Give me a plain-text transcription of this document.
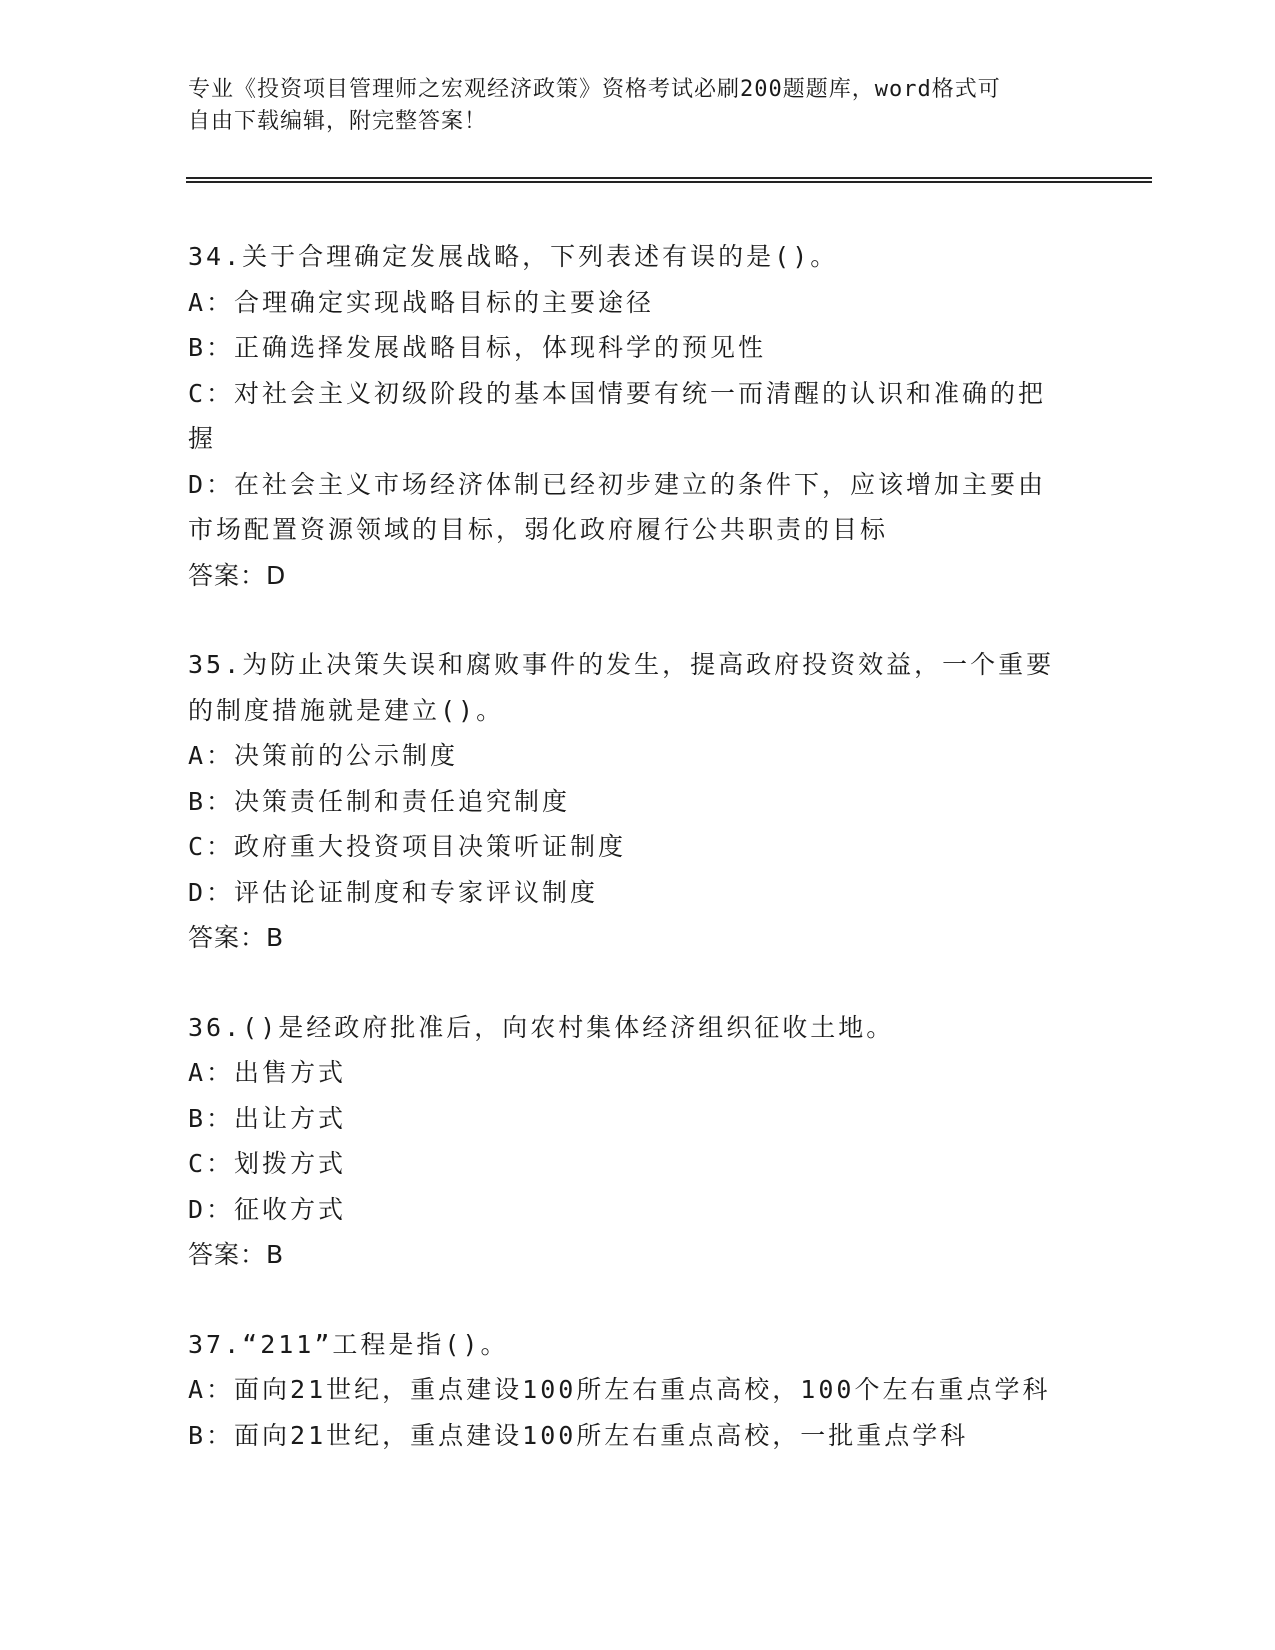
专业《投资项目管理师之宏观经济政策》资格考试必刷200题题库，word格式可
自由下载编辑，附完整答案！
34.关于合理确定发展战略，下列表述有误的是()。
A：合理确定实现战略目标的主要途径
B：正确选择发展战略目标，体现科学的预见性
C：对社会主义初级阶段的基本国情要有统一而清醒的认识和准确的把
握
D：在社会主义市场经济体制已经初步建立的条件下，应该增加主要由
市场配置资源领域的目标，弱化政府履行公共职责的目标
答案：D
35.为防止决策失误和腐败事件的发生，提高政府投资效益，一个重要
的制度措施就是建立()。
A：决策前的公示制度
B：决策责任制和责任追究制度
C：政府重大投资项目决策听证制度
D：评估论证制度和专家评议制度
答案：B
36.()是经政府批准后，向农村集体经济组织征收土地。
A：出售方式
B：出让方式
C：划拨方式
D：征收方式
答案：B
37.“211”工程是指()。
A：面向21世纪，重点建设100所左右重点高校，100个左右重点学科
B：面向21世纪，重点建设100所左右重点高校，一批重点学科
